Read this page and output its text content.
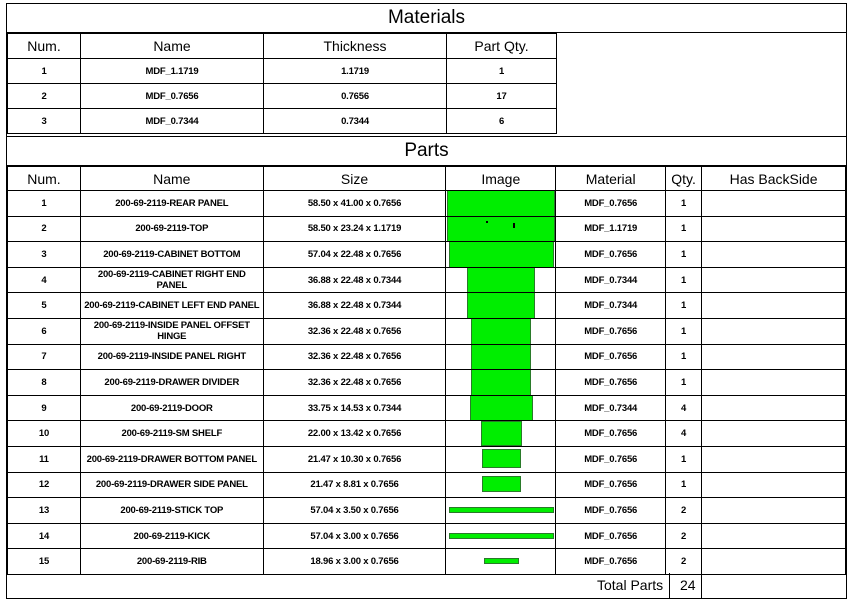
Materials
Num.	Name	Thickness	Part Qty.
1	MDF_1.1719	1.1719	1
2	MDF_0.7656	0.7656	17
3	MDF_0.7344	0.7344	6
Parts
Num.	Name	Size	Image	Material	Qty.	Has BackSide
1	200-69-2119-REAR PANEL	58.50 x 41.00 x 0.7656		MDF_0.7656	1	
2	200-69-2119-TOP	58.50 x 23.24 x 1.1719		MDF_1.1719	1	
3	200-69-2119-CABINET BOTTOM	57.04 x 22.48 x 0.7656		MDF_0.7656	1	
4	200-69-2119-CABINET RIGHT END PANEL	36.88 x 22.48 x 0.7344		MDF_0.7344	1	
5	200-69-2119-CABINET LEFT END PANEL	36.88 x 22.48 x 0.7344		MDF_0.7344	1	
6	200-69-2119-INSIDE PANEL OFFSET HINGE	32.36 x 22.48 x 0.7656		MDF_0.7656	1	
7	200-69-2119-INSIDE PANEL RIGHT	32.36 x 22.48 x 0.7656		MDF_0.7656	1	
8	200-69-2119-DRAWER DIVIDER	32.36 x 22.48 x 0.7656		MDF_0.7656	1	
9	200-69-2119-DOOR	33.75 x 14.53 x 0.7344		MDF_0.7344	4	
10	200-69-2119-SM SHELF	22.00 x 13.42 x 0.7656		MDF_0.7656	4	
11	200-69-2119-DRAWER BOTTOM PANEL	21.47 x 10.30 x 0.7656		MDF_0.7656	1	
12	200-69-2119-DRAWER SIDE PANEL	21.47 x 8.81 x 0.7656		MDF_0.7656	1	
13	200-69-2119-STICK TOP	57.04 x 3.50 x 0.7656		MDF_0.7656	2	
14	200-69-2119-KICK	57.04 x 3.00 x 0.7656		MDF_0.7656	2	
15	200-69-2119-RIB	18.96 x 3.00 x 0.7656		MDF_0.7656	2	
Total Parts 24
